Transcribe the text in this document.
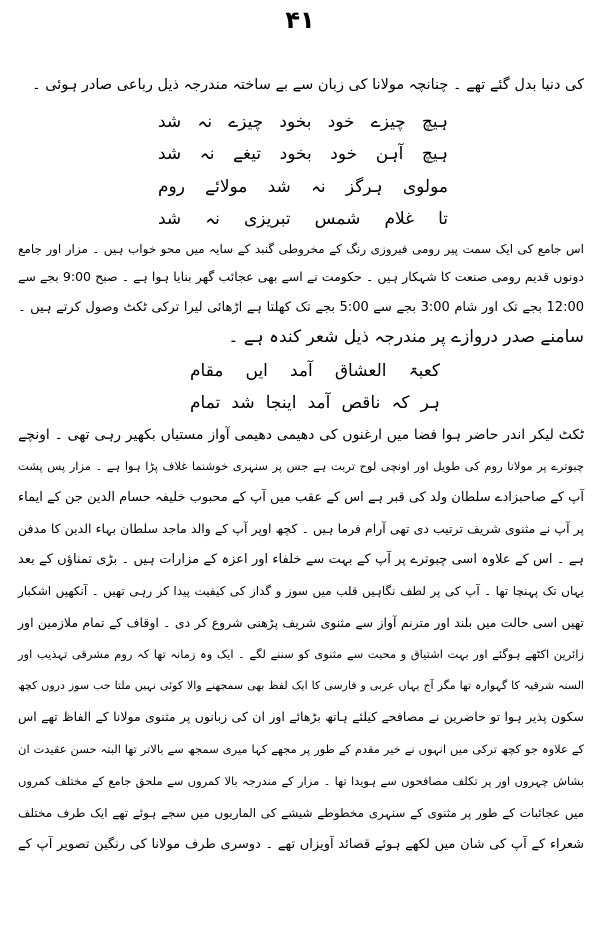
۴۱
کی دنیا بدل گئے تھے ۔ چنانچہ مولانا کی زبان سے بے ساختہ مندرجہ ذیل رباعی صادر ہوئی ۔
ہیچ چیزے خود بخود چیزے نہ شد
ہیچ آہن خود بخود تیغے نہ شد
مولوی ہرگز نہ شد مولائے روم
تا غلام شمس تبریزی نہ شد
اس جامع کی ایک سمت پیر رومی فیروزی رنگ کے مخروطی گنبد کے سایہ میں محو خواب ہیں ۔ مزار اور جامع
دونوں قدیم رومی صنعت کا شہکار ہیں ۔ حکومت نے اسے بھی عجائب گھر بنایا ہوا ہے ۔ صبح 9:00 بجے سے
12:00 بجے تک اور شام 3:00 بجے سے 5:00 بجے تک کھلتا ہے اڑھائی لیرا ترکی ٹکٹ وصول کرتے ہیں ۔
سامنے صدر دروازے پر مندرجہ ذیل شعر کندہ ہے ۔
کعبۃ العشاق آمد ایں مقام
ہر کہ ناقص آمد اینجا شد تمام
ٹکٹ لیکر اندر حاضر ہوا فضا میں ارغنوں کی دھیمی دھیمی آواز مستیاں بکھیر رہی تھی ۔ اونچے
چبوترے پر مولانا روم کی طویل اور اونچی لوح تربت ہے جس پر سنہری خوشنما غلاف پڑا ہوا ہے ۔ مزار پس پشت
آپ کے صاحبزادے سلطان ولد کی قبر ہے اس کے عقب میں آپ کے محبوب خلیفہ حسام الدین جن کے ایماء
پر آپ نے مثنوی شریف ترتیب دی تھی آرام فرما ہیں ۔ کچھ اوپر آپ کے والد ماجد سلطان بہاء الدین کا مدفن
ہے ۔ اس کے علاوہ اسی چبوترے پر آپ کے بہت سے خلفاء اور اعزہ کے مزارات ہیں ۔ بڑی تمناؤں کے بعد
یہاں تک پہنچا تھا ۔ آپ کی پر لطف نگاہیں قلب میں سوز و گداز کی کیفیت پیدا کر رہی تھیں ۔ آنکھیں اشکبار
تھیں اسی حالت میں بلند اور مترنم آواز سے مثنوی شریف پڑھنی شروع کر دی ۔ اوقاف کے تمام ملازمین اور
زائرین اکٹھے ہوگئے اور بہت اشتیاق و محبت سے مثنوی کو سننے لگے ۔ ایک وہ زمانہ تھا کہ روم مشرقی تہذیب اور
السنہ شرقیہ کا گہوارہ تھا مگر آج یہاں عربی و فارسی کا ایک لفظ بھی سمجھنے والا کوئی نہیں ملتا جب سوز دروں کچھ
سکون پذیر ہوا تو حاضرین نے مصافحے کیلئے ہاتھ بڑھائے اور ان کی زبانوں پر مثنوی مولانا کے الفاظ تھے اس
کے علاوہ جو کچھ ترکی میں انہوں نے خیر مقدم کے طور پر مجھے کہا میری سمجھ سے بالاتر تھا البتہ حسن عقیدت ان
بشاش چہروں اور پر تکلف مصافحوں سے ہویدا تھا ۔ مزار کے مندرجہ بالا کمروں سے ملحق جامع کے مختلف کمروں
میں عجائبات کے طور پر مثنوی کے سنہری مخطوطے شیشے کی الماریوں میں سجے ہوئے تھے ایک طرف مختلف
شعراء کے آپ کی شان میں لکھے ہوئے قصائد آویزاں تھے ۔ دوسری طرف مولانا کی رنگین تصویر آپ کے
